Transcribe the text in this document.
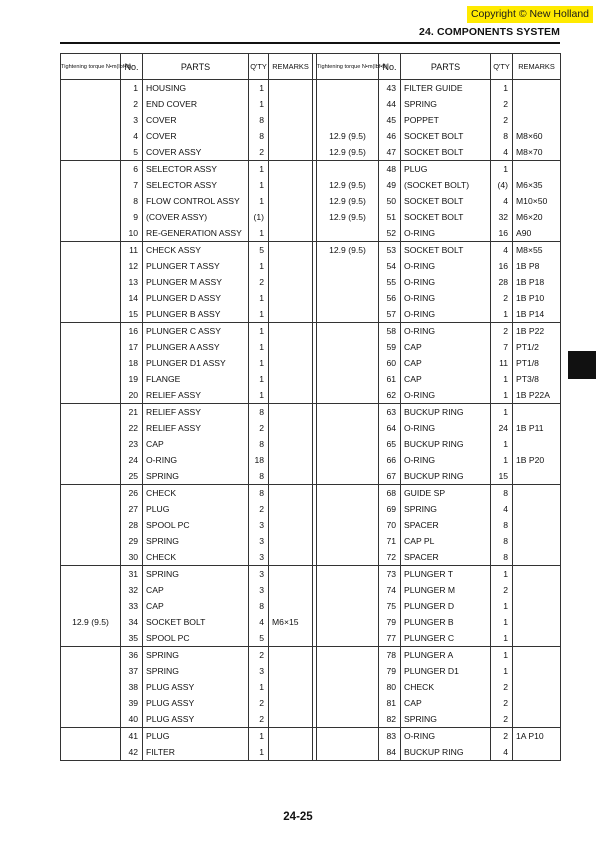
Copyright © New Holland
24. COMPONENTS SYSTEM
Tightening torque N•m(lbf•ft)	No.	PARTS	Q'TY	REMARKS		Tightening torque N•m(lbf•ft)	No.	PARTS	Q'TY	REMARKS
	1	HOUSING	1				43	FILTER GUIDE	1	
	2	END COVER	1				44	SPRING	2	
	3	COVER	8				45	POPPET	2	
	4	COVER	8			12.9 (9.5)	46	SOCKET BOLT	8	M8×60
	5	COVER ASSY	2			12.9 (9.5)	47	SOCKET BOLT	4	M8×70
	6	SELECTOR ASSY	1				48	PLUG	1	
	7	SELECTOR ASSY	1			12.9 (9.5)	49	(SOCKET BOLT)	(4)	M6×35
	8	FLOW CONTROL ASSY	1			12.9 (9.5)	50	SOCKET BOLT	4	M10×50
	9	(COVER ASSY)	(1)			12.9 (9.5)	51	SOCKET BOLT	32	M6×20
	10	RE-GENERATION ASSY	1				52	O-RING	16	A90
	11	CHECK ASSY	5			12.9 (9.5)	53	SOCKET BOLT	4	M8×55
	12	PLUNGER T ASSY	1				54	O-RING	16	1B P8
	13	PLUNGER M ASSY	2				55	O-RING	28	1B P18
	14	PLUNGER D ASSY	1				56	O-RING	2	1B P10
	15	PLUNGER B ASSY	1				57	O-RING	1	1B P14
	16	PLUNGER C ASSY	1				58	O-RING	2	1B P22
	17	PLUNGER A ASSY	1				59	CAP	7	PT1/2
	18	PLUNGER D1 ASSY	1				60	CAP	11	PT1/8
	19	FLANGE	1				61	CAP	1	PT3/8
	20	RELIEF ASSY	1				62	O-RING	1	1B P22A
	21	RELIEF ASSY	8				63	BUCKUP RING	1	
	22	RELIEF ASSY	2				64	O-RING	24	1B P11
	23	CAP	8				65	BUCKUP RING	1	
	24	O-RING	18				66	O-RING	1	1B P20
	25	SPRING	8				67	BUCKUP RING	15	
	26	CHECK	8				68	GUIDE SP	8	
	27	PLUG	2				69	SPRING	4	
	28	SPOOL PC	3				70	SPACER	8	
	29	SPRING	3				71	CAP PL	8	
	30	CHECK	3				72	SPACER	8	
	31	SPRING	3				73	PLUNGER T	1	
	32	CAP	3				74	PLUNGER M	2	
	33	CAP	8				75	PLUNGER D	1	
12.9 (9.5)	34	SOCKET BOLT	4	M6×15			79	PLUNGER B	1	
	35	SPOOL PC	5				77	PLUNGER C	1	
	36	SPRING	2				78	PLUNGER A	1	
	37	SPRING	3				79	PLUNGER D1	1	
	38	PLUG ASSY	1				80	CHECK	2	
	39	PLUG ASSY	2				81	CAP	2	
	40	PLUG ASSY	2				82	SPRING	2	
	41	PLUG	1				83	O-RING	2	1A P10
	42	FILTER	1				84	BUCKUP RING	4	
24-25
